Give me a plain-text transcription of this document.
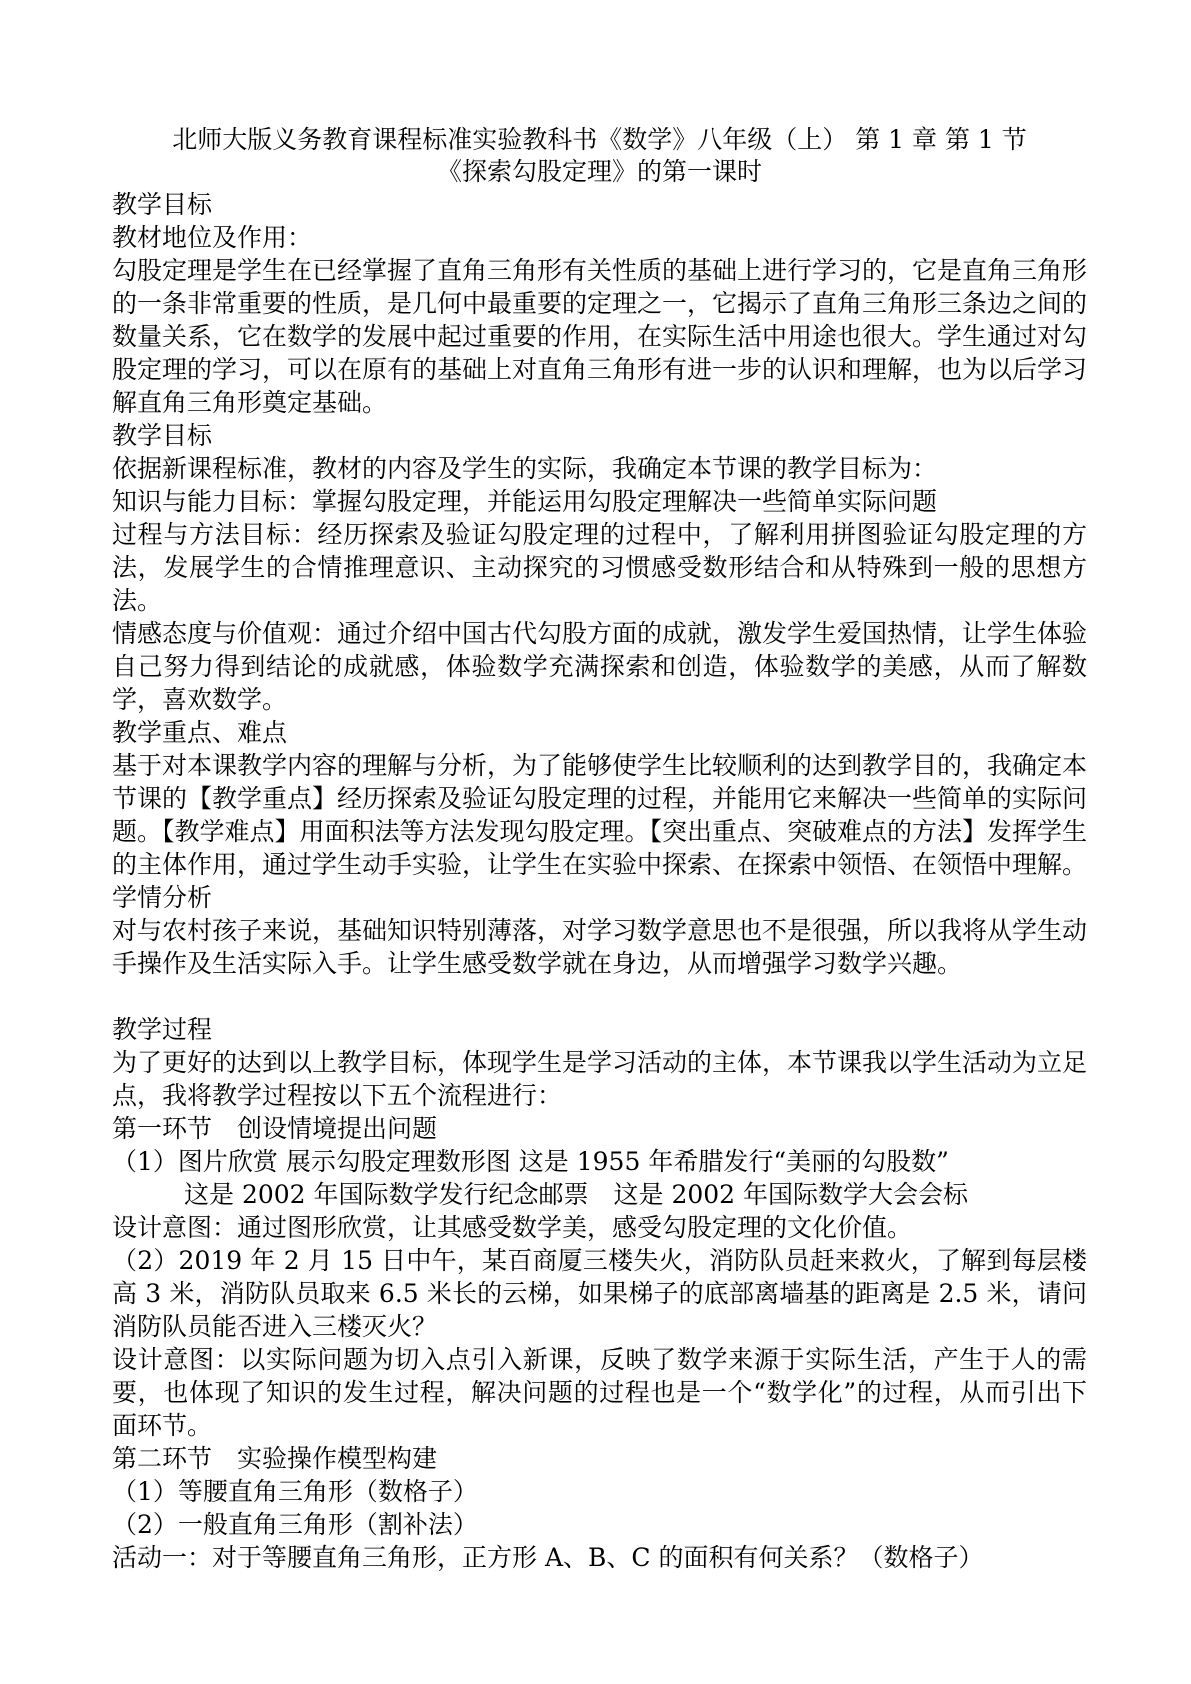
北师大版义务教育课程标准实验教科书《数学》八年级（上） 第 1 章 第 1 节
《探索勾股定理》的第一课时
教学目标
教材地位及作用：
勾股定理是学生在已经掌握了直角三角形有关性质的基础上进行学习的，它是直角三角形的一条非常重要的性质，是几何中最重要的定理之一，它揭示了直角三角形三条边之间的数量关系，它在数学的发展中起过重要的作用，在实际生活中用途也很大。学生通过对勾股定理的学习，可以在原有的基础上对直角三角形有进一步的认识和理解，也为以后学习解直角三角形奠定基础。
教学目标
依据新课程标准，教材的内容及学生的实际，我确定本节课的教学目标为：
知识与能力目标：掌握勾股定理，并能运用勾股定理解决一些简单实际问题
过程与方法目标：经历探索及验证勾股定理的过程中，了解利用拼图验证勾股定理的方法，发展学生的合情推理意识、主动探究的习惯感受数形结合和从特殊到一般的思想方法。
情感态度与价值观：通过介绍中国古代勾股方面的成就，激发学生爱国热情，让学生体验自己努力得到结论的成就感，体验数学充满探索和创造，体验数学的美感，从而了解数学，喜欢数学。
教学重点、难点
基于对本课教学内容的理解与分析，为了能够使学生比较顺利的达到教学目的，我确定本节课的【教学重点】经历探索及验证勾股定理的过程，并能用它来解决一些简单的实际问题。【教学难点】用面积法等方法发现勾股定理。【突出重点、突破难点的方法】发挥学生的主体作用，通过学生动手实验，让学生在实验中探索、在探索中领悟、在领悟中理解。
学情分析
对与农村孩子来说，基础知识特别薄落，对学习数学意思也不是很强，所以我将从学生动手操作及生活实际入手。让学生感受数学就在身边，从而增强学习数学兴趣。
教学过程
为了更好的达到以上教学目标，体现学生是学习活动的主体，本节课我以学生活动为立足点，我将教学过程按以下五个流程进行：
第一环节　创设情境提出问题
（1）图片欣赏 展示勾股定理数形图 这是 1955 年希腊发行“美丽的勾股数”
这是 2002 年国际数学发行纪念邮票　这是 2002 年国际数学大会会标
设计意图：通过图形欣赏，让其感受数学美，感受勾股定理的文化价值。
（2）2019 年 2 月 15 日中午，某百商厦三楼失火，消防队员赶来救火，了解到每层楼高 3 米，消防队员取来 6.5 米长的云梯，如果梯子的底部离墙基的距离是 2.5 米，请问消防队员能否进入三楼灭火？
设计意图：以实际问题为切入点引入新课，反映了数学来源于实际生活，产生于人的需要，也体现了知识的发生过程，解决问题的过程也是一个“数学化”的过程，从而引出下面环节。
第二环节　实验操作模型构建
（1）等腰直角三角形（数格子）
（2）一般直角三角形（割补法）
活动一：对于等腰直角三角形，正方形 A、B、C 的面积有何关系？（数格子）
